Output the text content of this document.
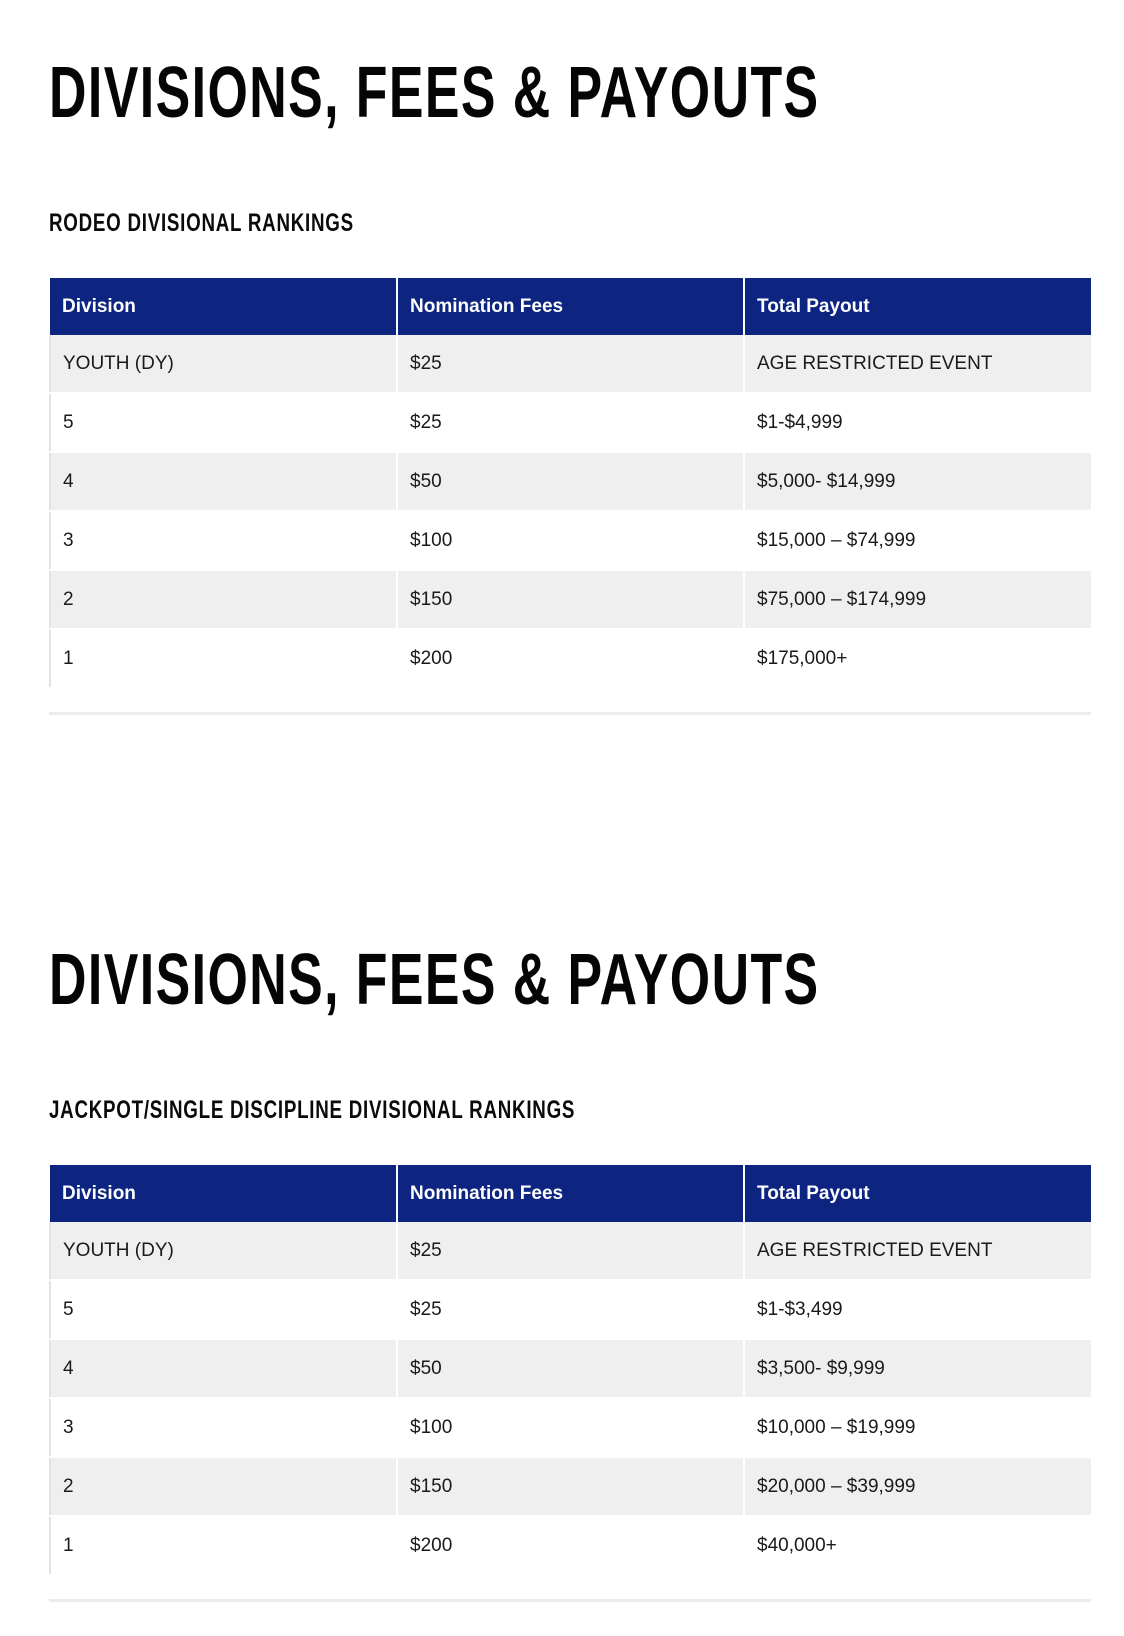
DIVISIONS, FEES & PAYOUTS
RODEO DIVISIONAL RANKINGS
Division	Nomination Fees	Total Payout
YOUTH (DY)	$25	AGE RESTRICTED EVENT
5	$25	$1-$4,999
4	$50	$5,000- $14,999
3	$100	$15,000 – $74,999
2	$150	$75,000 – $174,999
1	$200	$175,000+
DIVISIONS, FEES & PAYOUTS
JACKPOT/SINGLE DISCIPLINE DIVISIONAL RANKINGS
Division	Nomination Fees	Total Payout
YOUTH (DY)	$25	AGE RESTRICTED EVENT
5	$25	$1-$3,499
4	$50	$3,500- $9,999
3	$100	$10,000 – $19,999
2	$150	$20,000 – $39,999
1	$200	$40,000+
